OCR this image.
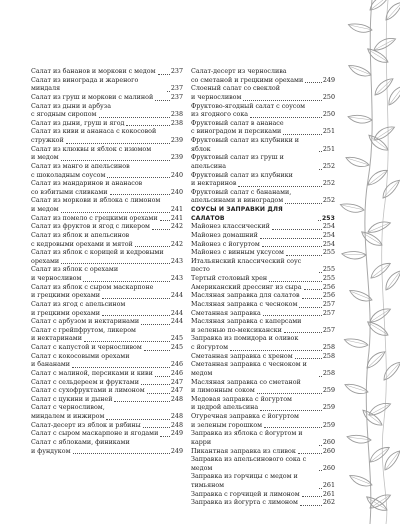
Салат из бананов и моркови с медом 237
Салат из винограда и жареного миндаля	237
Салат из груш и моркови с малиной	237
Салат из дыни и арбуза
с ягодным сиропом	238
Салат из дыни, груш и ягод	238
Салат из киви и ананаса с кокосовой
стружкой	239
Салат из клюквы и яблок с изюмом
и медом	239
Салат из манго и апельсинов
с шоколадным соусом	240
Салат из мандаринов и ананасов
со взбитыми сливками	240
Салат из моркови и яблока с лимоном
и медом	241
Салат из помело с грецкими орехами 241
Салат из фруктов и ягод с ликером	242
Салат из яблок и апельсинов
с кедровыми орехами и мятой	242
Салат из яблок с корицей и кедровыми
орехами	243
Салат из яблок с орехами
и черносливом	243
Салат из яблок с сыром маскарпоне
и грецкими орехами	244
Салат из ягод с апельсином
и грецкими орехами	244
Салат с арбузом и нектаринами	244
Салат с грейпфрутом, ликером
и нектаринами	245
Салат с капустой и черносливом	245
Салат с кокосовыми орехами
и бананами	246
Салат с малиной, персиками и киви	246
Салат с сельдереем и фруктами	247
Салат с сухофруктами и лимоном	247
Салат с цукини и дыней	248
Салат с черносливом,
миндалем и инжиром	248
Салат-десерт из яблок и рябины	248
Салат с сыром маскарпоне и ягодами 249
Салат с яблоками, финиками
и фундуком	249
Салат-десерт из чернослива
со сметаной и грецкими орехами	249
Слоеный салат со свеклой
и черносливом	250
Фруктово-ягодный салат с соусом
из ягодного сока	250
Фруктовый салат в ананасе
с виноградом и персиками	251
Фруктовый салат из клубники и яблок	251
Фруктовый салат из груш и апельсина	252
Фруктовый салат из клубники
и нектаринов	252
Фруктовый салат с бананами,
апельсинами и виноградом	252
СОУСЫ И ЗАПРАВКИ ДЛЯ САЛАТОВ	253
Майонез классический	254
Майонез домашний	254
Майонез с йогуртом	254
Майонез с винным уксусом	255
Итальянский классический соус песто	255
Тертый столовый хрен	255
Американский дрессинг из сыра	256
Масляная заправка для салатов	256
Масляная заправка с чесноком	257
Сметанная заправка	257
Масляная заправка с каперсами
и зеленью по-мексикански	257
Заправка из помидора и оливок
с йогуртом	258
Сметанная заправка с хреном	258
Сметанная заправка с чесноком и медом	258
Масляная заправка со сметаной
и лимонным соком	259
Медовая заправка с йогуртом
и цедрой апельсина	259
Огуречная заправка с йогуртом
и зеленым горошком	259
Заправка из яблока с йогуртом и карри	260
Пикантная заправка из сливок	260
Заправка из апельсинового сока с медом	260
Заправка из горчицы с медом и тимьяном	261
Заправка с горчицей и лимоном	261
Заправка из йогурта с лимоном	262
